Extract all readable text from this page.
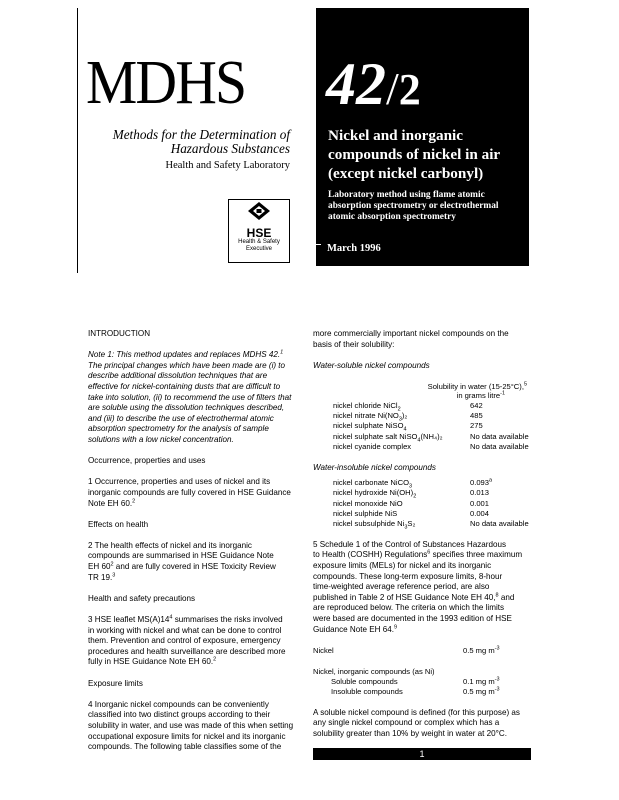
MDHS 42/2
Methods for the Determination of
Hazardous Substances
Health and Safety Laboratory
HSE
Health & Safety
Executive
Nickel and inorganic
compounds of nickel in air
(except nickel carbonyl)
Laboratory method using flame atomic
absorption spectrometry or electrothermal
atomic absorption spectrometry
March 1996

INTRODUCTION

Note 1: This method updates and replaces MDHS 42.$^1$

The principal changes which have been made are (i) to

describe additional dissolution techniques that are

effective for nickel-containing dusts that are difficult to

take into solution, (ii) to recommend the use of filters that

are soluble using the dissolution techniques described,

and (iii) to describe the use of electrothermal atomic

absorption spectrometry for the analysis of sample

solutions with a low nickel concentration.

Occurrence, properties and uses

1 Occurrence, properties and uses of nickel and its

inorganic compounds are fully covered in HSE Guidance

Note EH 60.$^2$

Effects on health

2 The health effects of nickel and its inorganic

compounds are summarised in HSE Guidance Note

EH $60^2$ and are fully covered in HSE Toxicity Review

TR 19.$^3$

Health and safety precautions

3 HSE leaflet $MS(A)14^4$ summarises the risks involved

in working with nickel and what can be done to control

them. Prevention and control of exposure, emergency

procedures and health surveillance are described more

fully in HSE Guidance Note EH 60.$^2$

Exposure limits

4 Inorganic nickel compounds can be conveniently

classified into two distinct groups according to their

solubility in water, and use was made of this when setting

occupational exposure limits for nickel and its inorganic

compounds. The following table classifies some of the

more commercially important nickel compounds on the

basis of their solubility:

Water-soluble nickel compounds

Solubility in water (15-25°C),$^5$
in grams litre$^{-1}$
nickel chloride NiCl$_2$	642
nickel nitrate $Ni(NO_3)_2$	485
nickel sulphate NiSO$_4$	275
nickel sulphate salt NiSO$_4$(NH₄)₂	No data available
nickel cyanide complex	No data available

Water-insoluble nickel compounds

nickel carbonate NiCO$_3$	0.093$^a$
nickel hydroxide $Ni(OH)_2$	0.013
nickel monoxide NiO	0.001
nickel sulphide NiS	0.004
nickel subsulphide $Ni_3S_2$	No data available

5 Schedule 1 of the Control of Substances Hazardous

to Health (COSHH) Regulations$^6$ specifies three maximum

exposure limits (MELs) for nickel and its inorganic

compounds. These long-term exposure limits, 8-hour

time-weighted average reference period, are also

published in Table 2 of HSE Guidance Note EH 40,$^8$ and

are reproduced below. The criteria on which the limits

were based are documented in the 1993 edition of HSE

Guidance Note EH 64.$^9$

Nickel	0.5 mg $m^{-3}$

Nickel, inorganic compounds (as Ni)	
Soluble compounds	0.1 mg $m^{-3}$
Insoluble compounds	0.5 mg $m^{-3}$

A soluble nickel compound is defined (for this purpose) as

any single nickel compound or complex which has a

solubility greater than 10% by weight in water at 20°C.

1
